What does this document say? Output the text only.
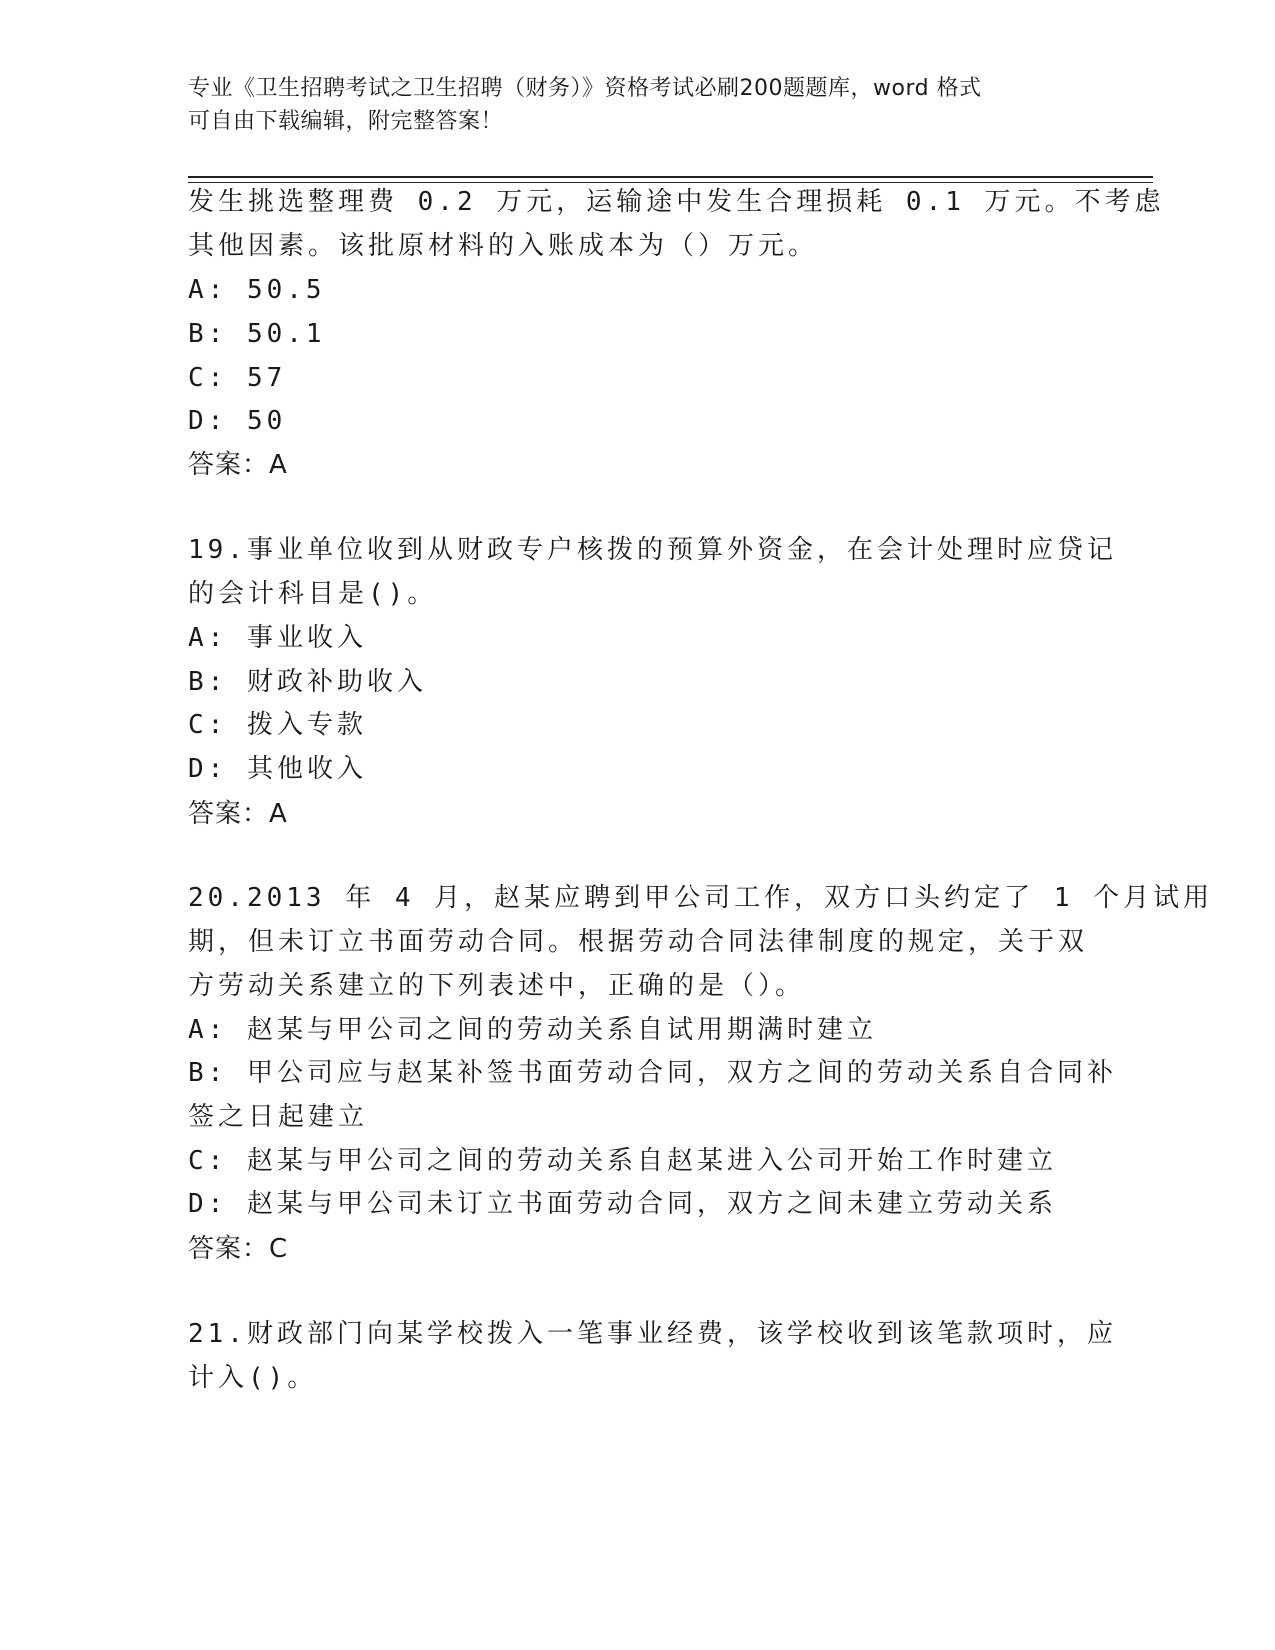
专业《卫生招聘考试之卫生招聘（财务）》资格考试必刷200题题库，word 格式
可自由下载编辑，附完整答案！
发生挑选整理费 0.2 万元，运输途中发生合理损耗 0.1 万元。不考虑
其他因素。该批原材料的入账成本为（）万元。
A: 50.5
B: 50.1
C: 57
D: 50
答案：A
19.事业单位收到从财政专户核拨的预算外资金，在会计处理时应贷记
的会计科目是()。
A: 事业收入
B: 财政补助收入
C: 拨入专款
D: 其他收入
答案：A
20.2013 年 4 月，赵某应聘到甲公司工作，双方口头约定了 1 个月试用
期，但未订立书面劳动合同。根据劳动合同法律制度的规定，关于双
方劳动关系建立的下列表述中，正确的是（）。
A: 赵某与甲公司之间的劳动关系自试用期满时建立
B: 甲公司应与赵某补签书面劳动合同，双方之间的劳动关系自合同补
签之日起建立
C: 赵某与甲公司之间的劳动关系自赵某进入公司开始工作时建立
D: 赵某与甲公司未订立书面劳动合同，双方之间未建立劳动关系
答案：C
21.财政部门向某学校拨入一笔事业经费，该学校收到该笔款项时，应
计入()。
